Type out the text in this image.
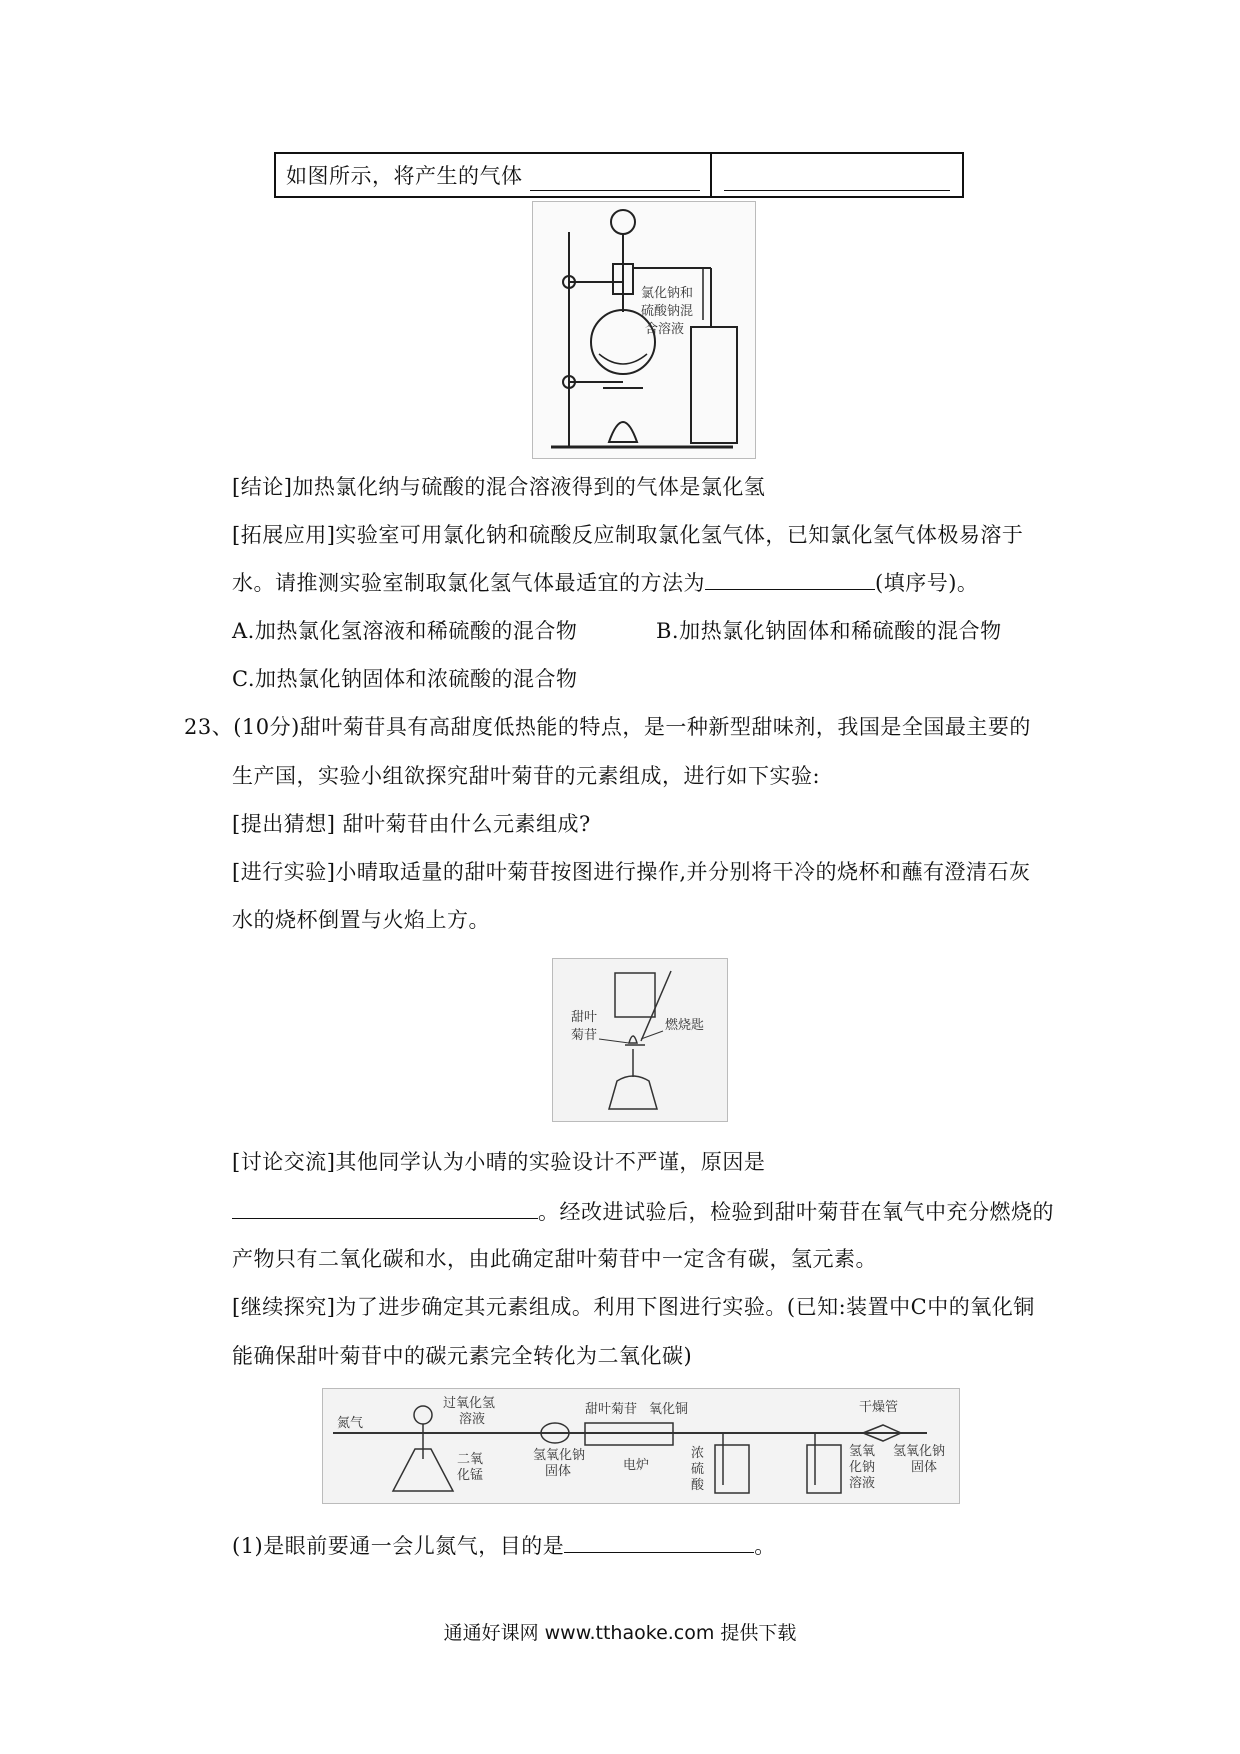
如图所示，将产生的气体
氯化钠和
硫酸钠混
合溶液
[结论]加热氯化纳与硫酸的混合溶液得到的气体是氯化氢
[拓展应用]实验室可用氯化钠和硫酸反应制取氯化氢气体，已知氯化氢气体极易溶于
水。请推测实验室制取氯化氢气体最适宜的方法为	(填序号)。
A.加热氯化氢溶液和稀硫酸的混合物	B.加热氯化钠固体和稀硫酸的混合物
C.加热氯化钠固体和浓硫酸的混合物
23、(10分)甜叶菊苷具有高甜度低热能的特点，是一种新型甜味剂，我国是全国最主要的
生产国，实验小组欲探究甜叶菊苷的元素组成，进行如下实验:
[提出猜想] 甜叶菊苷由什么元素组成?
[进行实验]小晴取适量的甜叶菊苷按图进行操作,并分别将干冷的烧杯和蘸有澄清石灰
水的烧杯倒置与火焰上方。
甜叶
菊苷
燃烧匙
[讨论交流]其他同学认为小晴的实验设计不严谨，原因是
。经改进试验后，检验到甜叶菊苷在氧气中充分燃烧的
产物只有二氧化碳和水，由此确定甜叶菊苷中一定含有碳，氢元素。
[继续探究]为了进步确定其元素组成。利用下图进行实验。(已知:装置中C中的氧化铜
能确保甜叶菊苷中的碳元素完全转化为二氧化碳)
氮气
过氧化氢
溶液
二氧
化锰
氢氧化钠
固体
甜叶菊苷 氧化铜
电炉
浓
硫
酸
氢氧
化钠
溶液
干燥管
氢氧化钠
固体
(1)是眼前要通一会儿氮气，目的是	。
通通好课网 www.tthaoke.com 提供下载
